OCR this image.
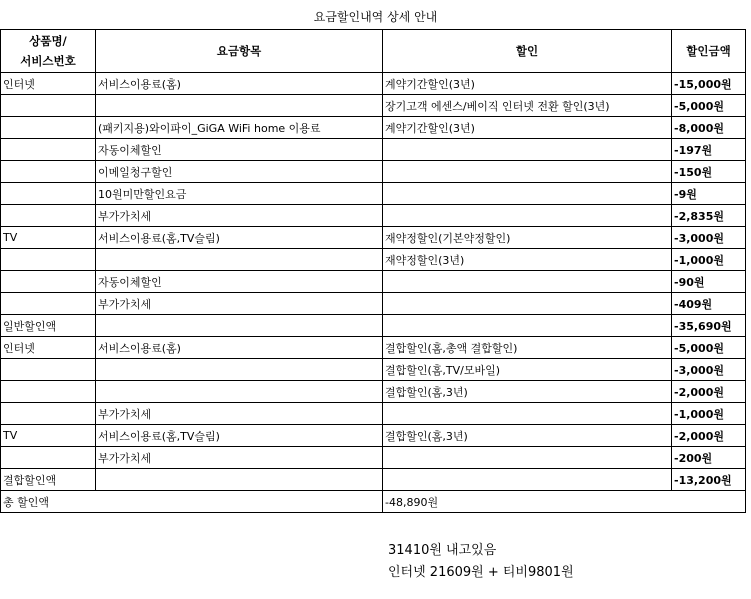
요금할인내역 상세 안내
상품명/
서비스번호	요금항목	할인	할인금액
인터넷	서비스이용료(홈)	계약기간할인(3년)	-15,000원
		장기고객 에센스/베이직 인터넷 전환 할인(3년)	-5,000원
	(패키지용)와이파이_GiGA WiFi home 이용료	계약기간할인(3년)	-8,000원
	자동이체할인		-197원
	이메일청구할인		-150원
	10원미만할인요금		-9원
	부가가치세		-2,835원
TV	서비스이용료(홈,TV슬림)	재약정할인(기본약정할인)	-3,000원
		재약정할인(3년)	-1,000원
	자동이체할인		-90원
	부가가치세		-409원
일반할인액			-35,690원
인터넷	서비스이용료(홈)	결합할인(홈,총액 결합할인)	-5,000원
		결합할인(홈,TV/모바일)	-3,000원
		결합할인(홈,3년)	-2,000원
	부가가치세		-1,000원
TV	서비스이용료(홈,TV슬림)	결합할인(홈,3년)	-2,000원
	부가가치세		-200원
결합할인액			-13,200원
총 할인액		-48,890원	
31410원 내고있음
인터넷 21609원 + 티비9801원
